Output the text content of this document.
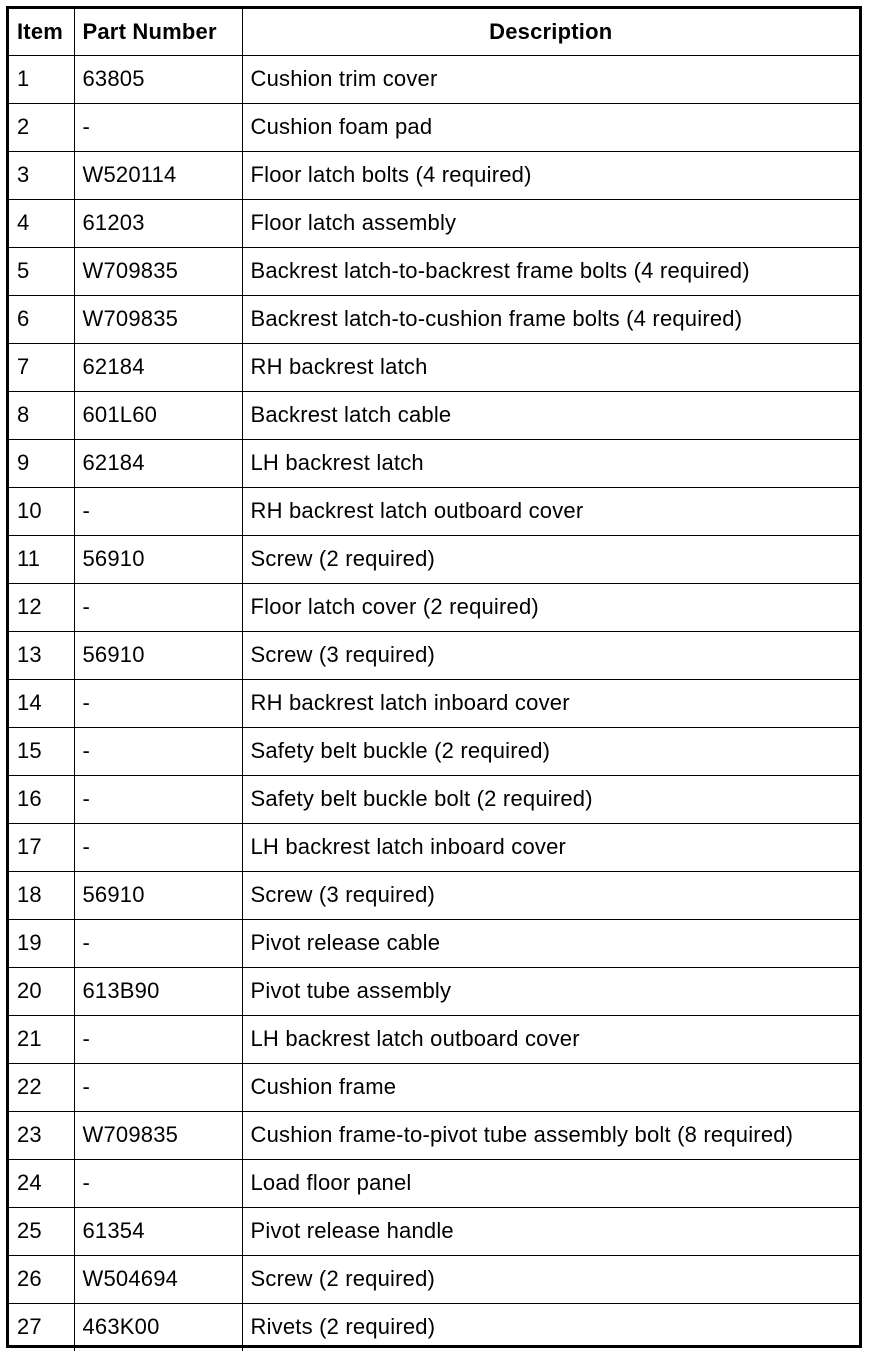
Item	Part Number	Description
1	63805	Cushion trim cover
2	-	Cushion foam pad
3	W520114	Floor latch bolts (4 required)
4	61203	Floor latch assembly
5	W709835	Backrest latch-to-backrest frame bolts (4 required)
6	W709835	Backrest latch-to-cushion frame bolts (4 required)
7	62184	RH backrest latch
8	601L60	Backrest latch cable
9	62184	LH backrest latch
10	-	RH backrest latch outboard cover
11	56910	Screw (2 required)
12	-	Floor latch cover (2 required)
13	56910	Screw (3 required)
14	-	RH backrest latch inboard cover
15	-	Safety belt buckle (2 required)
16	-	Safety belt buckle bolt (2 required)
17	-	LH backrest latch inboard cover
18	56910	Screw (3 required)
19	-	Pivot release cable
20	613B90	Pivot tube assembly
21	-	LH backrest latch outboard cover
22	-	Cushion frame
23	W709835	Cushion frame-to-pivot tube assembly bolt (8 required)
24	-	Load floor panel
25	61354	Pivot release handle
26	W504694	Screw (2 required)
27	463K00	Rivets (2 required)
